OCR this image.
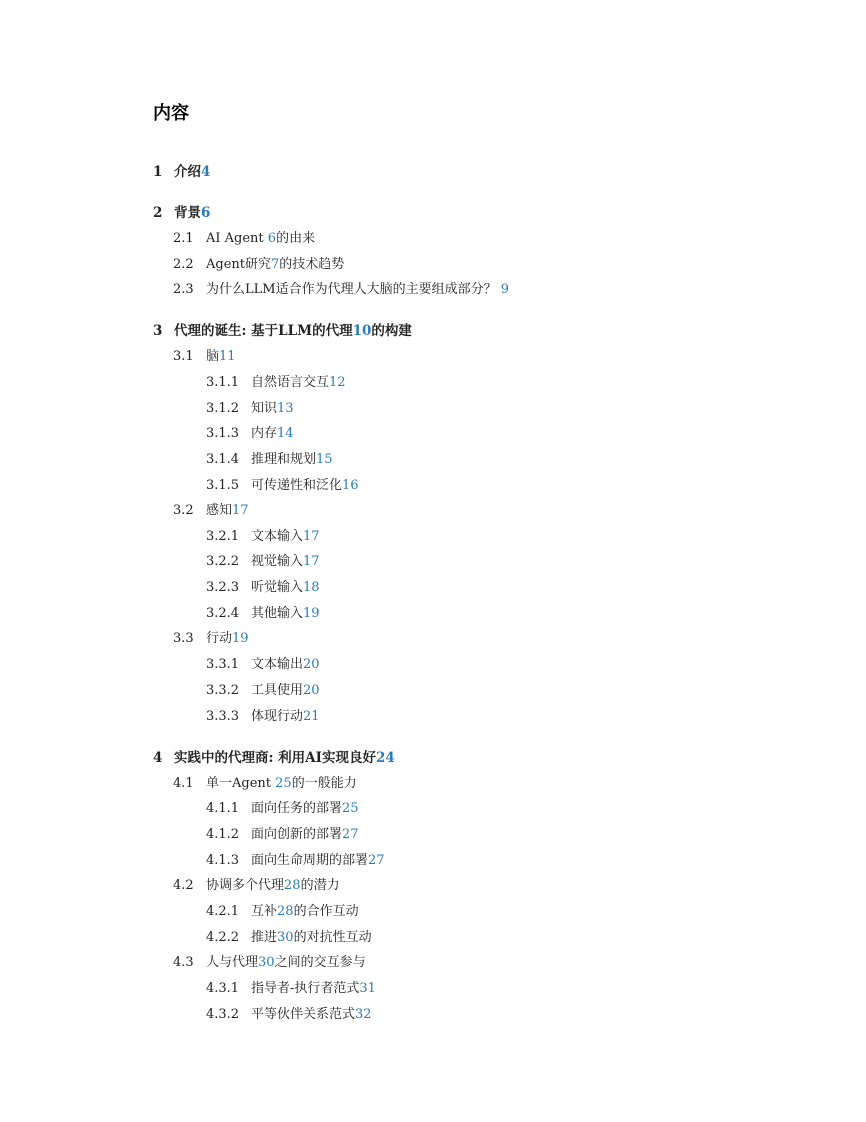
内容
1 介绍4
2 背景6
2.1 AI Agent 6的由来
2.2 Agent研究7的技术趋势
2.3 为什么LLM适合作为代理人大脑的主要组成部分？ 9
3 代理的诞生: 基于LLM的代理10的构建
3.1 脑11
3.1.1 自然语言交互12
3.1.2 知识13
3.1.3 内存14
3.1.4 推理和规划15
3.1.5 可传递性和泛化16
3.2 感知17
3.2.1 文本输入17
3.2.2 视觉输入17
3.2.3 听觉输入18
3.2.4 其他输入19
3.3 行动19
3.3.1 文本输出20
3.3.2 工具使用20
3.3.3 体现行动21
4 实践中的代理商: 利用AI实现良好24
4.1 单一Agent 25的一般能力
4.1.1 面向任务的部署25
4.1.2 面向创新的部署27
4.1.3 面向生命周期的部署27
4.2 协调多个代理28的潜力
4.2.1 互补28的合作互动
4.2.2 推进30的对抗性互动
4.3 人与代理30之间的交互参与
4.3.1 指导者-执行者范式31
4.3.2 平等伙伴关系范式32
